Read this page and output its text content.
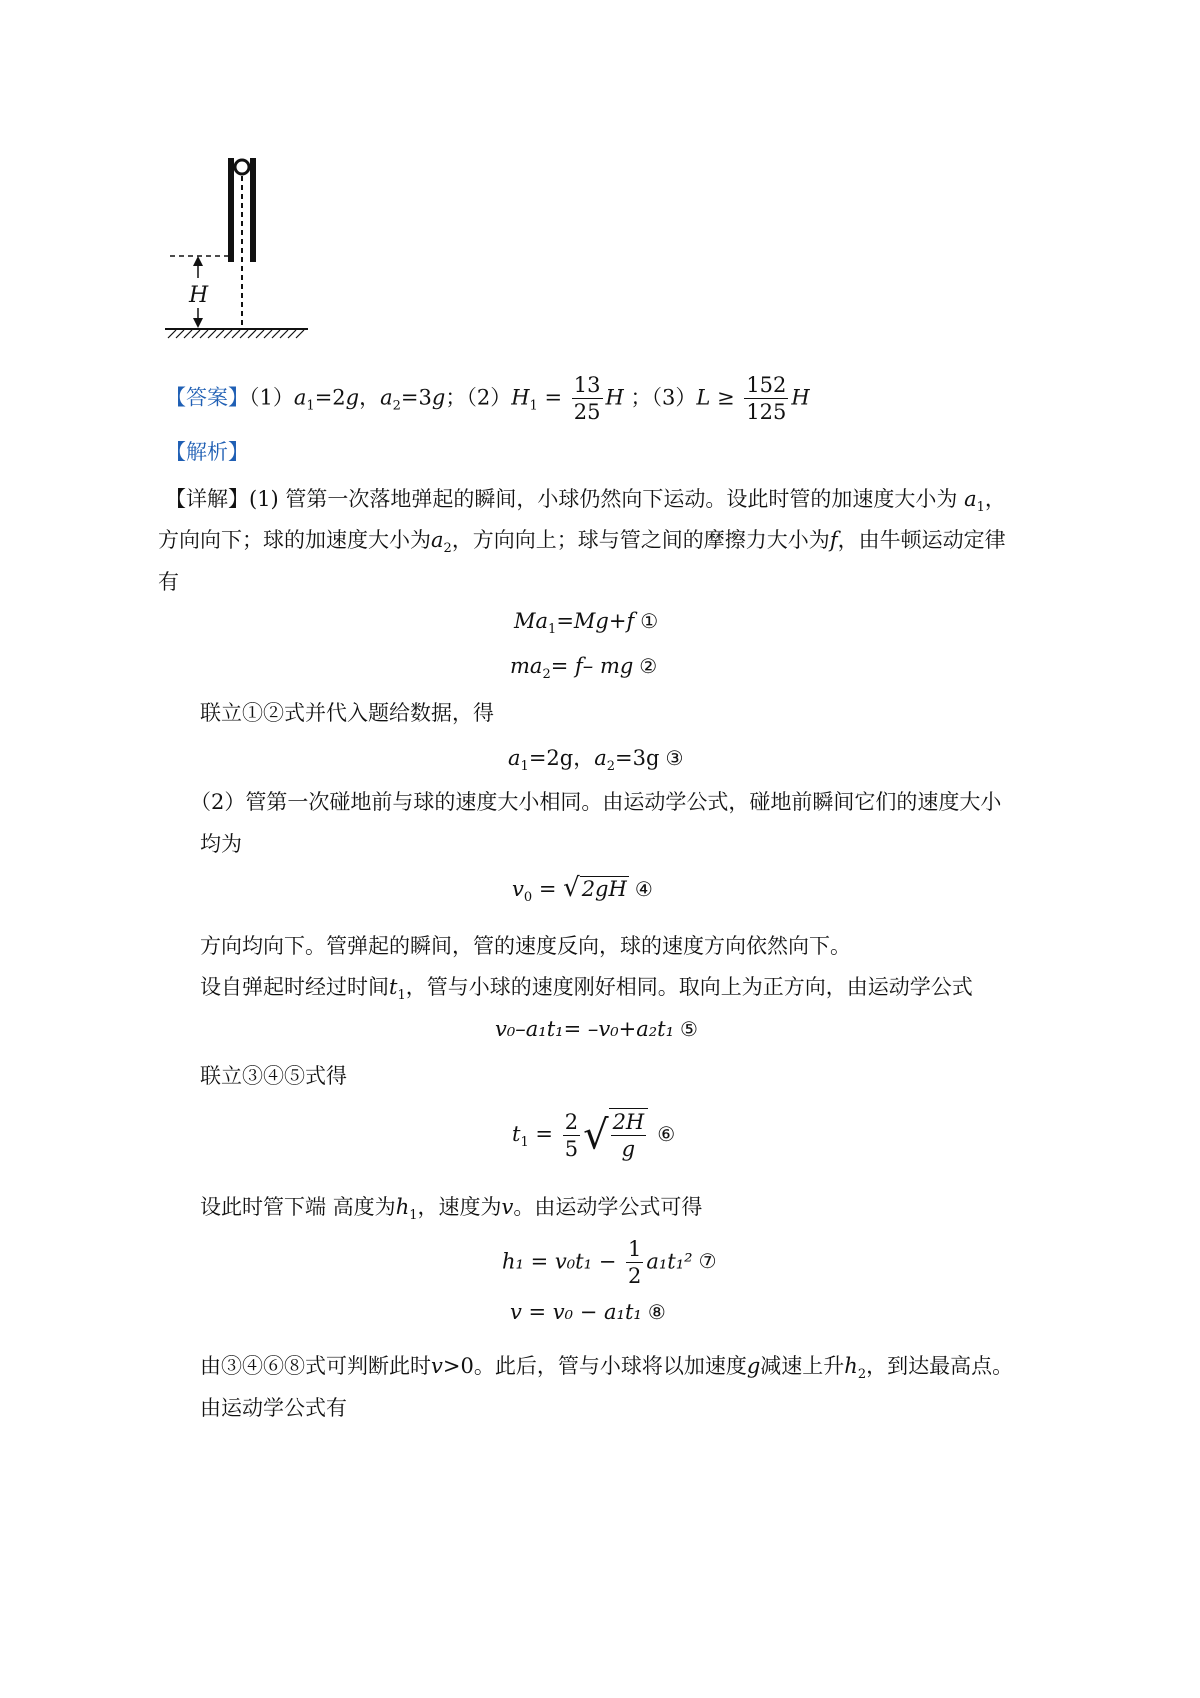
H
【答案】$(1)a_1=2g$，$a_2=3g$；$(2)H_1 = \frac{13}{25}$ H ；$(3)L \ge \frac{152}{125}$ H
【解析】
【详解】(1) 管第一次落地弹起的瞬间，小球仍然向下运动。设此时管的加速度大小为 $a_1$，
方向向下；球的加速度大小为$a_2$，方向向上；球与管之间的摩擦力大小为f，由牛顿运动定律
有
$Ma_1=Mg+f$ ①
$ma_2= f-$ mg ②
联立①②式并代入题给数据，得
$a_1=2g$，$a_2=3g$ ③
（2）管第一次碰地前与球的速度大小相同。由运动学公式，碰地前瞬间它们的速度大小
均为
$v_0 = √2gH$ ④
方向均向下。管弹起的瞬间，管的速度反向，球的速度方向依然向下。
设自弹起时经过时间$t_1$，管与小球的速度刚好相同。取向上为正方向，由运动学公式
v₀–a₁t₁= –v₀+a₂t₁ ⑤
联立③④⑤式得
$t_1 = \frac{2}{5}$ √ $\frac{2H}{g}$ ⑥
设此时管下端 高度为$h_1$，速度为v。由运动学公式可得
$h_1 = v_0t_1 - \frac{1}{2} a_1t_1^2$ ⑦
v = v₀ − a₁t₁ ⑧
由③④⑥⑧式可判断此时v>0。此后，管与小球将以加速度g减速上升$h_2$，到达最高点。
由运动学公式有
